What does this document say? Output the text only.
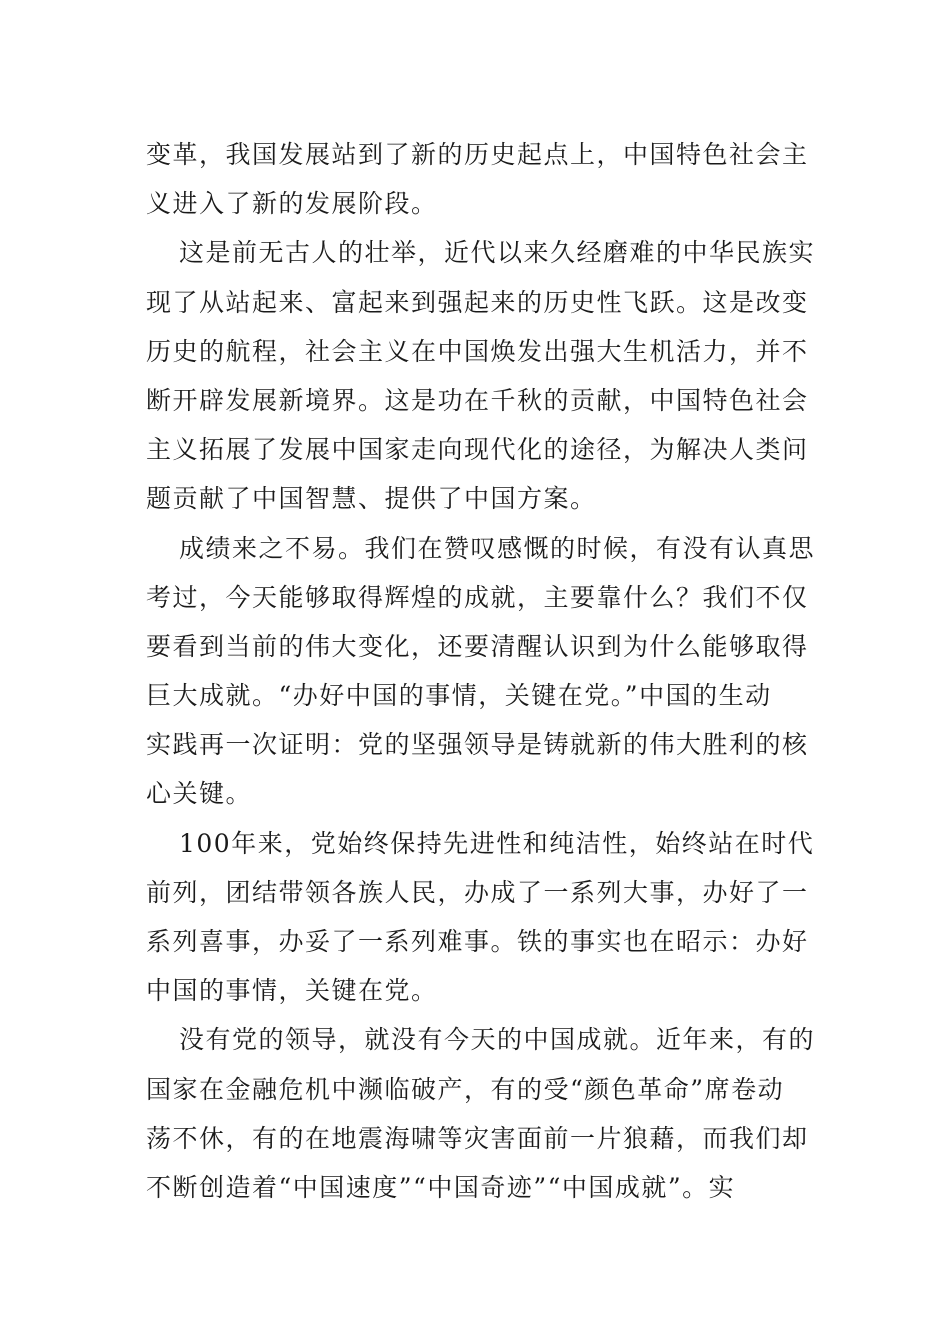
变革，我国发展站到了新的历史起点上，中国特色社会主
义进入了新的发展阶段。
这是前无古人的壮举，近代以来久经磨难的中华民族实
现了从站起来、富起来到强起来的历史性飞跃。这是改变
历史的航程，社会主义在中国焕发出强大生机活力，并不
断开辟发展新境界。这是功在千秋的贡献，中国特色社会
主义拓展了发展中国家走向现代化的途径，为解决人类问
题贡献了中国智慧、提供了中国方案。
成绩来之不易。我们在赞叹感慨的时候，有没有认真思
考过，今天能够取得辉煌的成就，主要靠什么？我们不仅
要看到当前的伟大变化，还要清醒认识到为什么能够取得
巨大成就。“办好中国的事情，关键在党。”中国的生动
实践再一次证明：党的坚强领导是铸就新的伟大胜利的核
心关键。
100年来，党始终保持先进性和纯洁性，始终站在时代
前列，团结带领各族人民，办成了一系列大事，办好了一
系列喜事，办妥了一系列难事。铁的事实也在昭示：办好
中国的事情，关键在党。
没有党的领导，就没有今天的中国成就。近年来，有的
国家在金融危机中濒临破产，有的受“颜色革命”席卷动
荡不休，有的在地震海啸等灾害面前一片狼藉，而我们却
不断创造着“中国速度”“中国奇迹”“中国成就”。实
